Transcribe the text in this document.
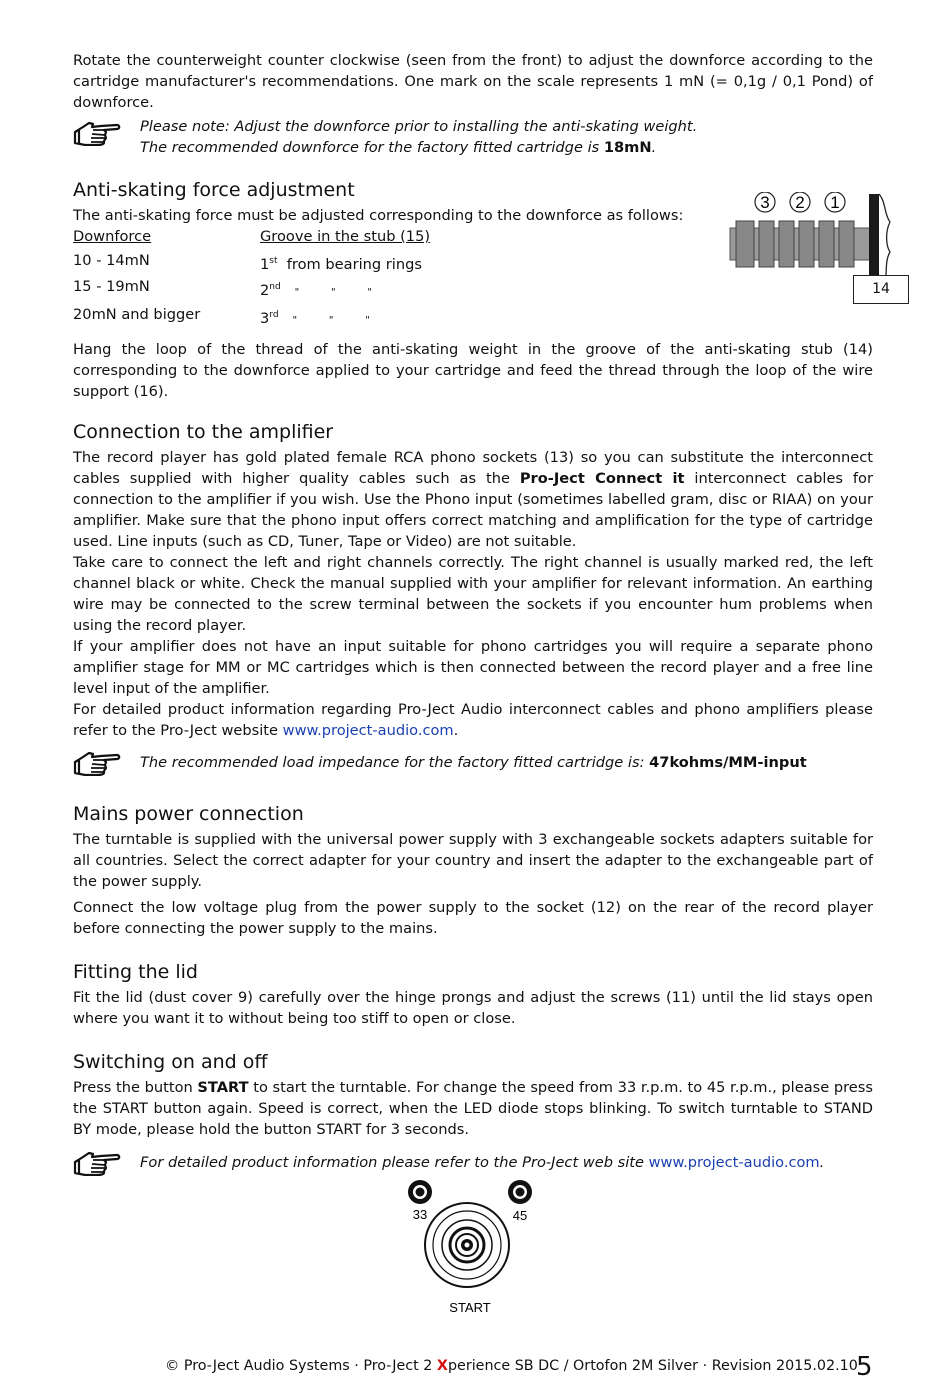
Rotate the counterweight counter clockwise (seen from the front) to adjust the downforce according to the cartridge manufacturer's recommendations. One mark on the scale represents 1 mN (= 0,1g / 0,1 Pond) of downforce.

Please note: Adjust the downforce prior to installing the anti-skating weight.
The recommended downforce for the factory fitted cartridge is 18mN.
Anti-skating force adjustment

The anti-skating force must be adjusted corresponding to the downforce as follows:

Downforce	Groove in the stub (15)
10 - 14mN	1st from bearing rings
15 - 19mN	2nd "          "          "
20mN and bigger	3rd "          "          "
3 2 1
14

Hang the loop of the thread of the anti-skating weight in the groove of the anti-skating stub (14) corresponding to the downforce applied to your cartridge and feed the thread through the loop of the wire support (16).

Connection to the amplifier

The record player has gold plated female RCA phono sockets (13) so you can substitute the interconnect cables supplied with higher quality cables such as the Pro-Ject Connect it interconnect cables for connection to the amplifier if you wish. Use the Phono input (sometimes labelled gram, disc or RIAA) on your amplifier. Make sure that the phono input offers correct matching and amplification for the type of cartridge used. Line inputs (such as CD, Tuner, Tape or Video) are not suitable.

Take care to connect the left and right channels correctly. The right channel is usually marked red, the left channel black or white. Check the manual supplied with your amplifier for relevant information. An earthing wire may be connected to the screw terminal between the sockets if you encounter hum problems when using the record player.

If your amplifier does not have an input suitable for phono cartridges you will require a separate phono amplifier stage for MM or MC cartridges which is then connected between the record player and a free line level input of the amplifier.

For detailed product information regarding Pro-Ject Audio interconnect cables and phono amplifiers please refer to the Pro-Ject website www.project-audio.com.

The recommended load impedance for the factory fitted cartridge is: 47kohms/MM-input
Mains power connection

The turntable is supplied with the universal power supply with 3 exchangeable sockets adapters suitable for all countries. Select the correct adapter for your country and insert the adapter to the exchangeable part of the power supply.

Connect the low voltage plug from the power supply to the socket (12) on the rear of the record player before connecting the power supply to the mains.

Fitting the lid

Fit the lid (dust cover 9) carefully over the hinge prongs and adjust the screws (11) until the lid stays open where you want it to without being too stiff to open or close.

Switching on and off

Press the button START to start the turntable. For change the speed from 33 r.p.m. to 45 r.p.m., please press the START button again. Speed is correct, when the LED diode stops blinking. To switch turntable to STAND BY mode, please hold the button START for 3 seconds.

For detailed product information please refer to the Pro-Ject web site www.project-audio.com.
33	45
START
© Pro-Ject Audio Systems · Pro-Ject 2 Xperience SB DC / Ortofon 2M Silver · Revision 2015.02.10
5
